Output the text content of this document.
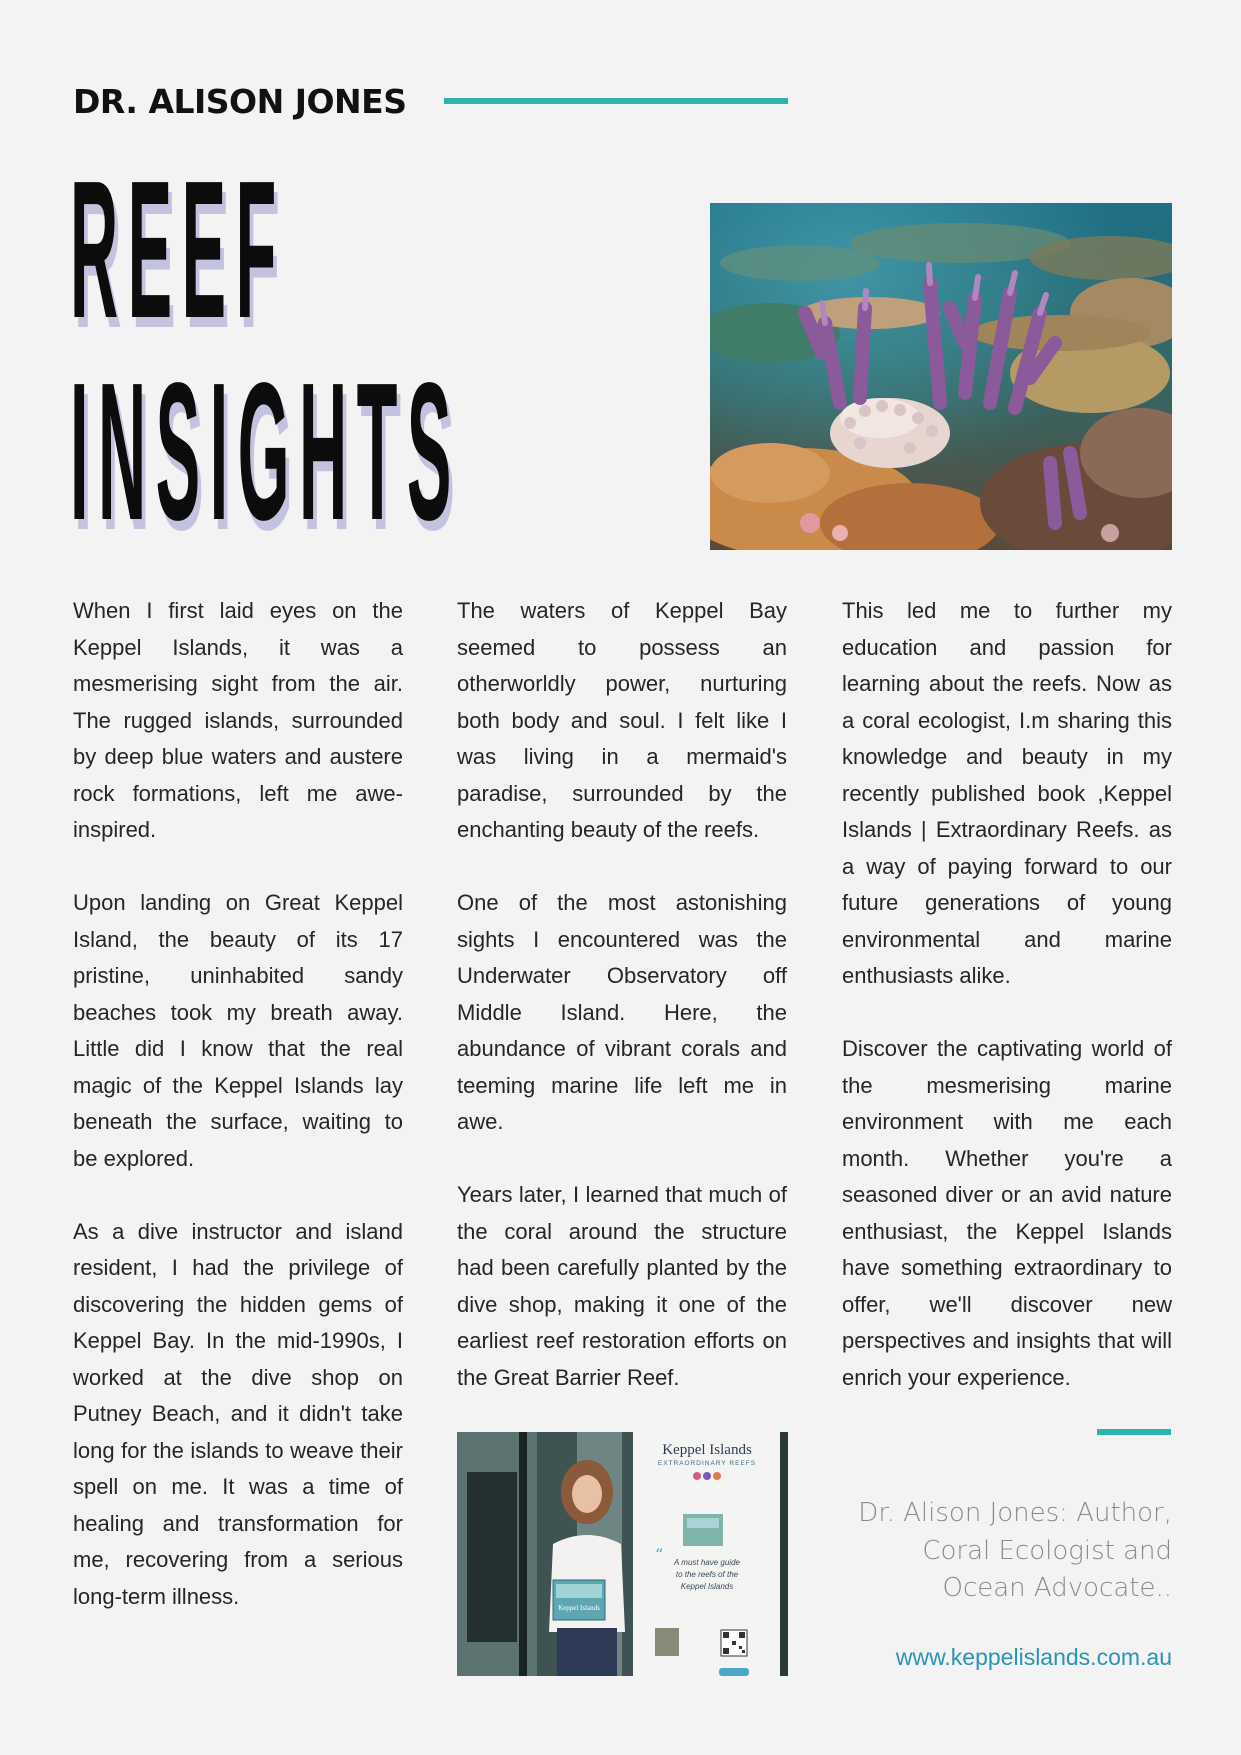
DR. ALISON JONES
REEF
INSIGHTS

When I first laid eyes on the Keppel Islands, it was a mesmerising sight from the air. The rugged islands, surrounded by deep blue waters and austere rock formations, left me awe-inspired.

Upon landing on Great Keppel Island, the beauty of its 17 pristine, uninhabited sandy beaches took my breath away. Little did I know that the real magic of the Keppel Islands lay beneath the surface, waiting to be explored.

As a dive instructor and island resident, I had the privilege of discovering the hidden gems of Keppel Bay. In the mid-1990s, I worked at the dive shop on Putney Beach, and it didn't take long for the islands to weave their spell on me. It was a time of healing and transformation for me, recovering from a serious long-term illness.

The waters of Keppel Bay seemed to possess an otherworldly power, nurturing both body and soul. I felt like I was living in a mermaid's paradise, surrounded by the enchanting beauty of the reefs.

One of the most astonishing sights I encountered was the Underwater Observatory off Middle Island. Here, the abundance of vibrant corals and teeming marine life left me in awe.

Years later, I learned that much of the coral around the structure had been carefully planted by the dive shop, making it one of the earliest reef restoration efforts on the Great Barrier Reef.

This led me to further my education and passion for learning about the reefs. Now as a coral ecologist, I.m sharing this knowledge and beauty in my recently published book ,Keppel Islands | Extraordinary Reefs. as a way of paying forward to our future generations of young environmental and marine enthusiasts alike.

Discover the captivating world of the mesmerising marine environment with me each month. Whether you're a seasoned diver or an avid nature enthusiast, the Keppel Islands have something extraordinary to offer, we'll discover new perspectives and insights that will enrich your experience.

Keppel Islands
EXTRAORDINARY REEFS
“ A must have guide
to the reefs of the
Keppel Islands
Keppel Islands
Dr. Alison Jones: Author,
Coral Ecologist and
Ocean Advocate..
www.keppelislands.com.au
